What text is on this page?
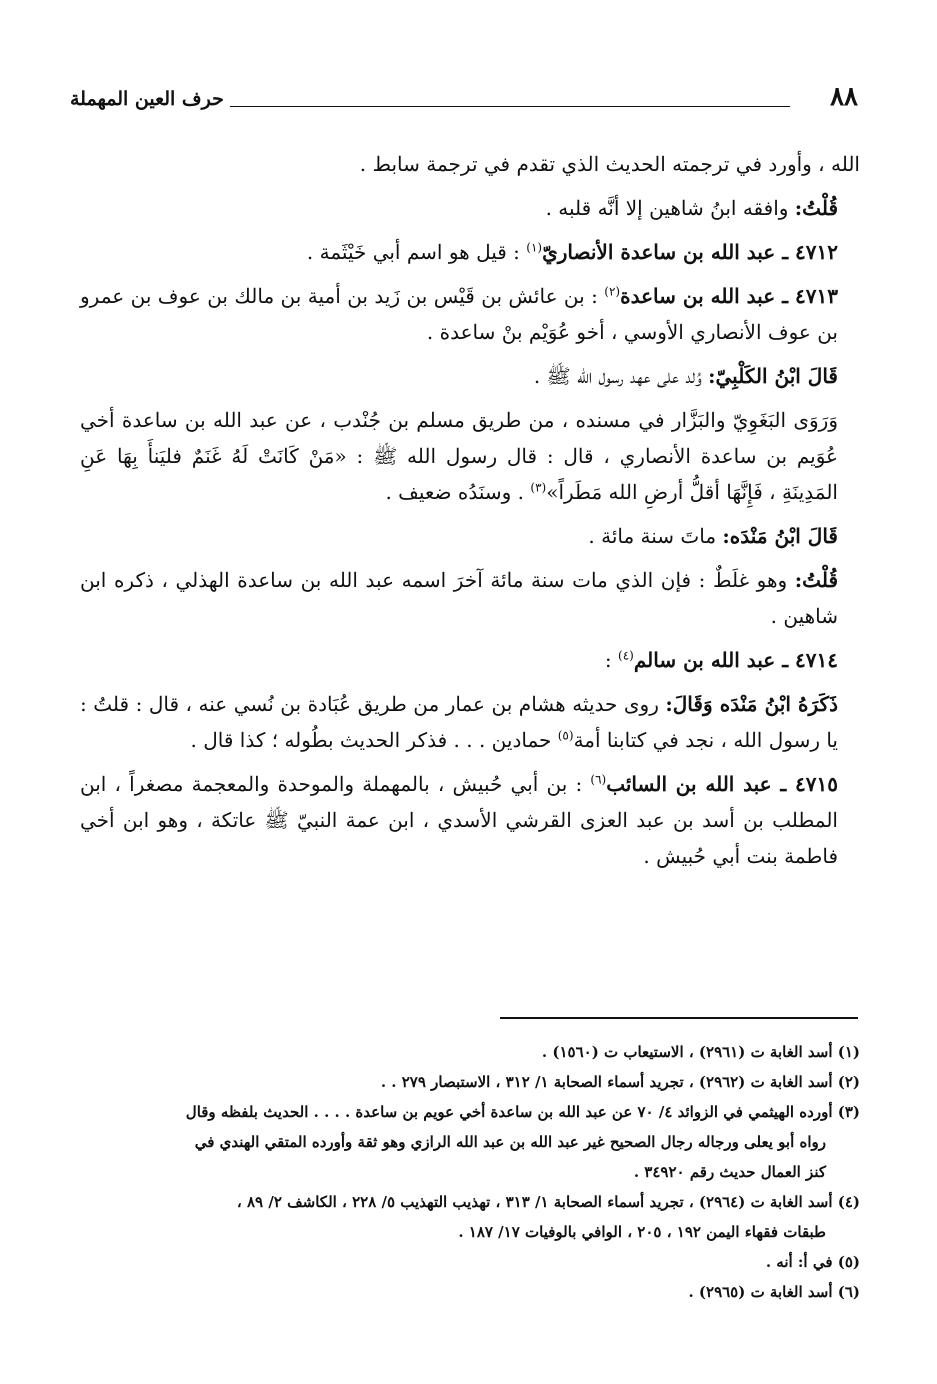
٨٨
حرف العين المهملة

الله ، وأورد في ترجمته الحديث الذي تقدم في ترجمة سابط .

قُلْتُ: وافقه ابنُ شاهين إلا أنَّه قلبه .

٤٧١٢ ـ عبد الله بن ساعدة الأنصاريّ$^{(١)}$ : قيل هو اسم أبي خَيْثَمة .

٤٧١٣ ـ عبد الله بن ساعدة$^{(٢)}$ : بن عائش بن قَيْس بن زَيد بن أمية بن مالك بن عوف بن عمرو بن عوف الأنصاري الأوسي ، أخو عُوَيْم بنْ ساعدة .

قَالَ ابْنُ الكَلْبِيّ: وُلد على عهد رسول الله ﷺ .

وَرَوَى البَغَوِيّ والبَزَّار في مسنده ، من طريق مسلم بن جُنْدب ، عن عبد الله بن ساعدة أخي عُوَيم بن ساعدة الأنصاري ، قال : قال رسول الله ﷺ : «مَنْ كَانَتْ لَهُ غَنَمٌ فليَنأَ بِهَا عَنِ المَدِينَةِ ، فَإِنَّهَا أقلُّ أرضِ الله مَطَراً»$^{(٣)}$ . وسنَدُه ضعيف .

قَالَ ابْنُ مَنْدَه: ماتَ سنة مائة .

قُلْتُ: وهو غلَطٌ : فإن الذي مات سنة مائة آخرَ اسمه عبد الله بن ساعدة الهذلي ، ذكره ابن شاهين .

٤٧١٤ ـ عبد الله بن سالم$^{(٤)}$ :

ذَكَرَهُ ابْنُ مَنْدَه وَقَالَ: روى حديثه هشام بن عمار من طريق عُبَادة بن نُسي عنه ، قال : قلتُ : يا رسول الله ، نجد في كتابنا أمة$^{(٥)}$ حمادين . . . فذكر الحديث بطُوله ؛ كذا قال .

٤٧١٥ ـ عبد الله بن السائب$^{(٦)}$ : بن أبي حُبيش ، بالمهملة والموحدة والمعجمة مصغراً ، ابن المطلب بن أسد بن عبد العزى القرشي الأسدي ، ابن عمة النبيّ ﷺ عاتكة ، وهو ابن أخي فاطمة بنت أبي حُبيش .

(١) أسد الغابة ت (٢٩٦١) ، الاستيعاب ت (١٥٦٠) .

(٢) أسد الغابة ت (٢٩٦٢) ، تجريد أسماء الصحابة ١/ ٣١٢ ، الاستبصار ٢٧٩ . .

(٣) أورده الهيثمي في الزوائد ٤/ ٧٠ عن عبد الله بن ساعدة أخي عويم بن ساعدة . . . . الحديث بلفظه وقال

رواه أبو يعلى ورجاله رجال الصحيح غير عبد الله بن عبد الله الرازي وهو ثقة وأورده المتقي الهندي في

كنز العمال حديث رقم ٣٤٩٢٠ .

(٤) أسد الغابة ت (٢٩٦٤) ، تجريد أسماء الصحابة ١/ ٣١٣ ، تهذيب التهذيب ٥/ ٢٢٨ ، الكاشف ٢/ ٨٩ ،

طبقات فقهاء اليمن ١٩٢ ، ٢٠٥ ، الوافي بالوفيات ١٧/ ١٨٧ .

(٥) في أ: أنه .

(٦) أسد الغابة ت (٢٩٦٥) .
